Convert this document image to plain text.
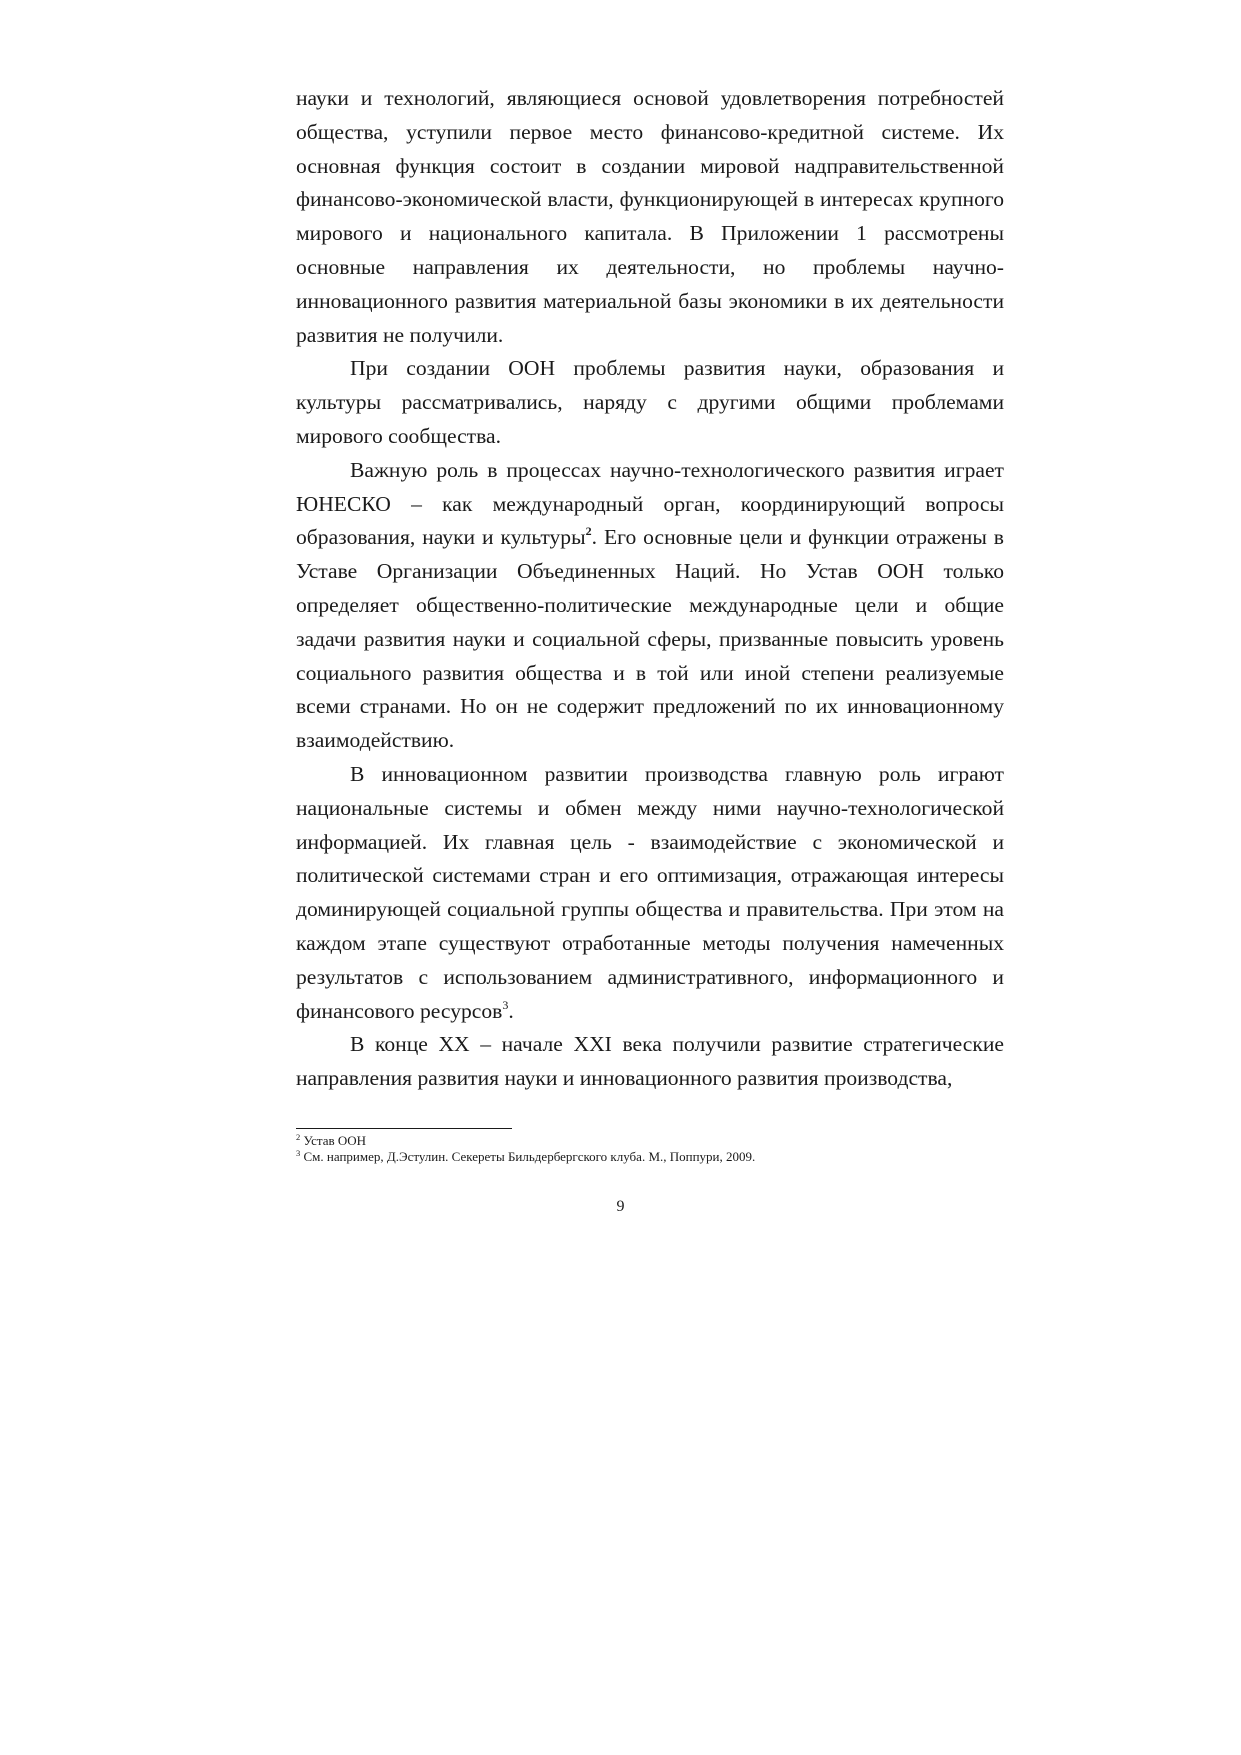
науки и технологий, являющиеся основой удовлетворения потребностей общества, уступили первое место финансово-кредитной системе. Их основная функция состоит в создании мировой надправительственной финансово-экономической власти, функционирующей в интересах крупного мирового и национального капитала. В Приложении 1 рассмотрены основные направления их деятельности, но проблемы научно-инновационного развития материальной базы экономики в их деятельности развития не получили.

При создании ООН проблемы развития науки, образования и культуры рассматривались, наряду с другими общими проблемами мирового сообщества.

Важную роль в процессах научно-технологического развития играет ЮНЕСКО – как международный орган, координирующий вопросы образования, науки и культуры$^2$. Его основные цели и функции отражены в Уставе Организации Объединенных Наций. Но Устав ООН только определяет общественно-политические международные цели и общие задачи развития науки и социальной сферы, призванные повысить уровень социального развития общества и в той или иной степени реализуемые всеми странами. Но он не содержит предложений по их инновационному взаимодействию.

В инновационном развитии производства главную роль играют национальные системы и обмен между ними научно-технологической информацией. Их главная цель - взаимодействие с экономической и политической системами стран и его оптимизация, отражающая интересы доминирующей социальной группы общества и правительства. При этом на каждом этапе существуют отработанные методы получения намеченных результатов с использованием административного, информационного и финансового ресурсов$^3$.

В конце XX – начале XXI века получили развитие стратегические направления развития науки и инновационного развития производства,

$^2$ Устав ООН

$^3$ См. например, Д.Эстулин. Секереты Бильдербергского клуба. М., Поппури, 2009.

9
